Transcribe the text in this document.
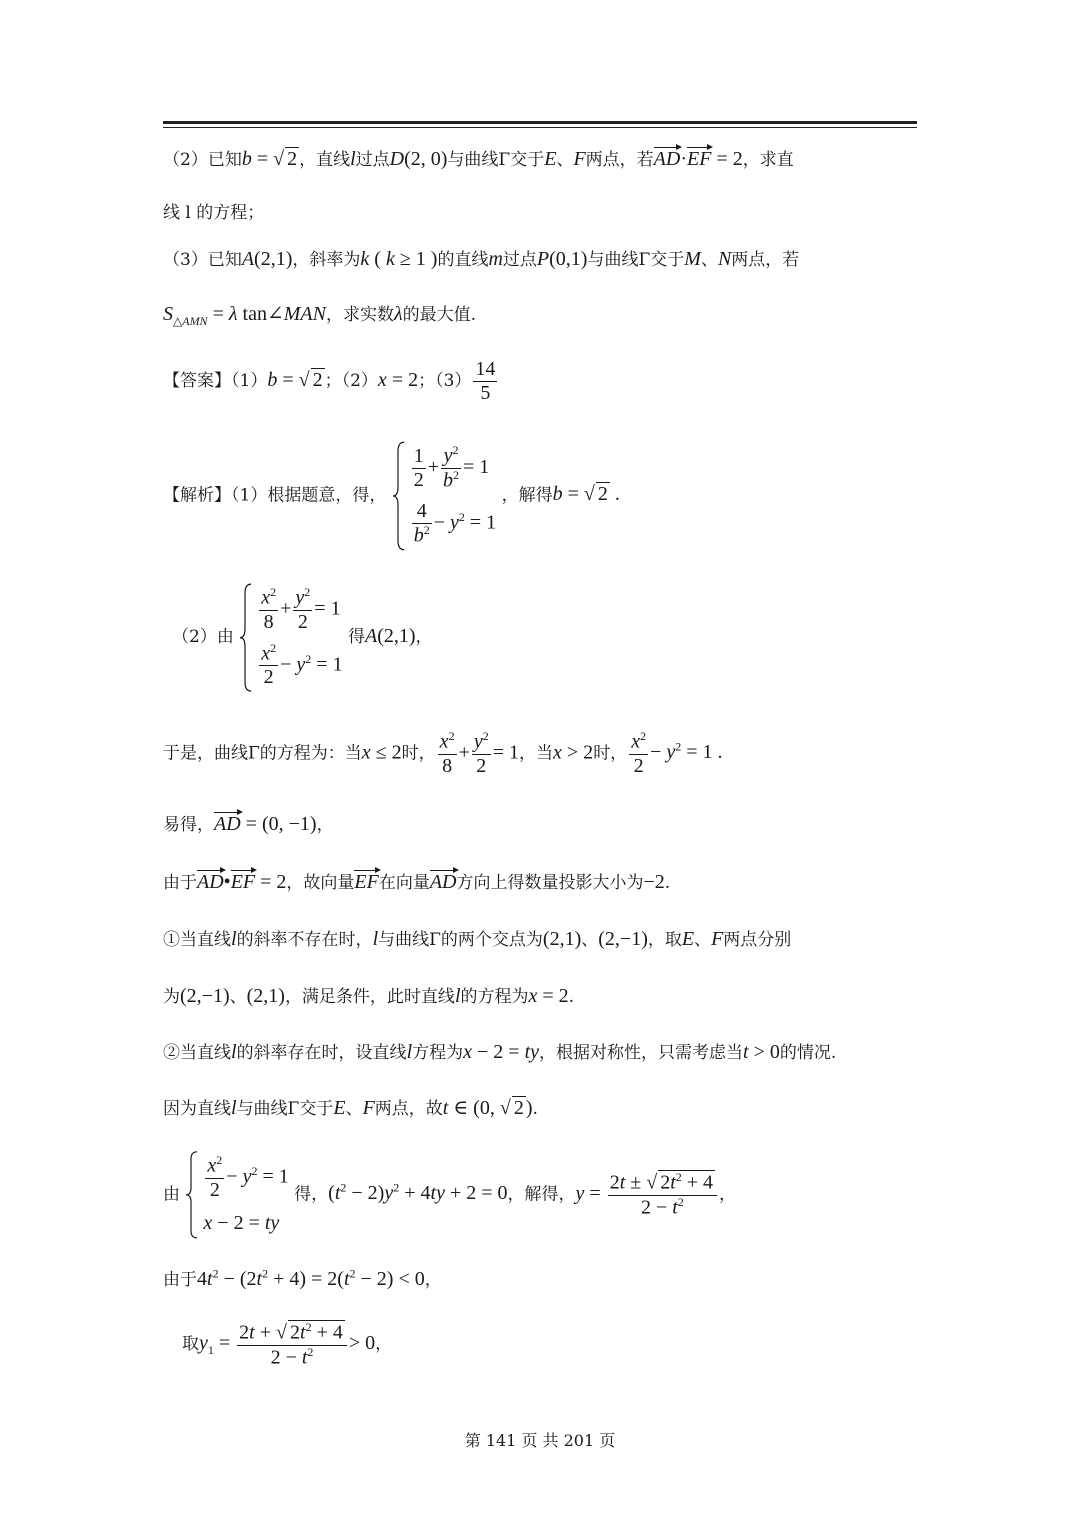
（2）已知b = √ 2 ，直线l过点D(2, 0)与曲线Γ交于E、F两点，若AD·EF = 2，求直
线 l 的方程；
（3）已知A(2,1)，斜率为k ( k ≥ 1 )的直线m过点P(0,1)与曲线Γ交于M、N两点，若
$S_{\triangle AMN} = \lambda$ tan∠MAN，求实数λ的最大值.
【答案】（1）b = √ 2 ；（2）x = 2；$(3) \frac{14}{5}$
【解析】（1）根据题意，得，
$\frac{1}{2} + \frac{y^2}{b^2} = 1$
$\frac{4}{b^2} - y^2 = 1$
，解得b = √ 2 .
（2）由
$\frac{x^2}{8} + \frac{y^2}{2} = 1$
$\frac{x^2}{2} - y^2 = 1$
得A(2,1)，
于是，曲线Γ的方程为：当x ≤ 2时， $\frac{x^2}{8} + \frac{y^2}{2} = 1$，当x > 2时， $\frac{x^2}{2} - y^2 = 1$ .
易得，AD = (0, −1)，
由于AD•EF = 2，故向量EF在向量AD方向上得数量投影大小为−2.
①当直线l的斜率不存在时，l与曲线Γ的两个交点为(2,1)、(2,−1)，取E、F两点分别
为(2,−1)、(2,1)，满足条件，此时直线l的方程为x = 2.
②当直线l的斜率存在时，设直线l方程为x − 2 = ty，根据对称性，只需考虑当t > 0的情况.
因为直线l与曲线Γ交于E、F两点，故t ∈ (0, √ 2 ).
由 $\frac{x^2}{2} - y^2 = 1$
x − 2 = ty
得，$(t^2 - 2)y^2 + 4ty + 2 = 0$，解得，$y = \frac{2t \pm √ 2t^2 + 4}{2 - t^2}$ ，
由于$4t^2 - (2t^2 + 4) = 2(t^2 - 2) < 0$，
取$y_1 = \frac{2t + √ 2t^2 + 4}{2 - t^2} > 0$，
第 141 页 共 201 页
